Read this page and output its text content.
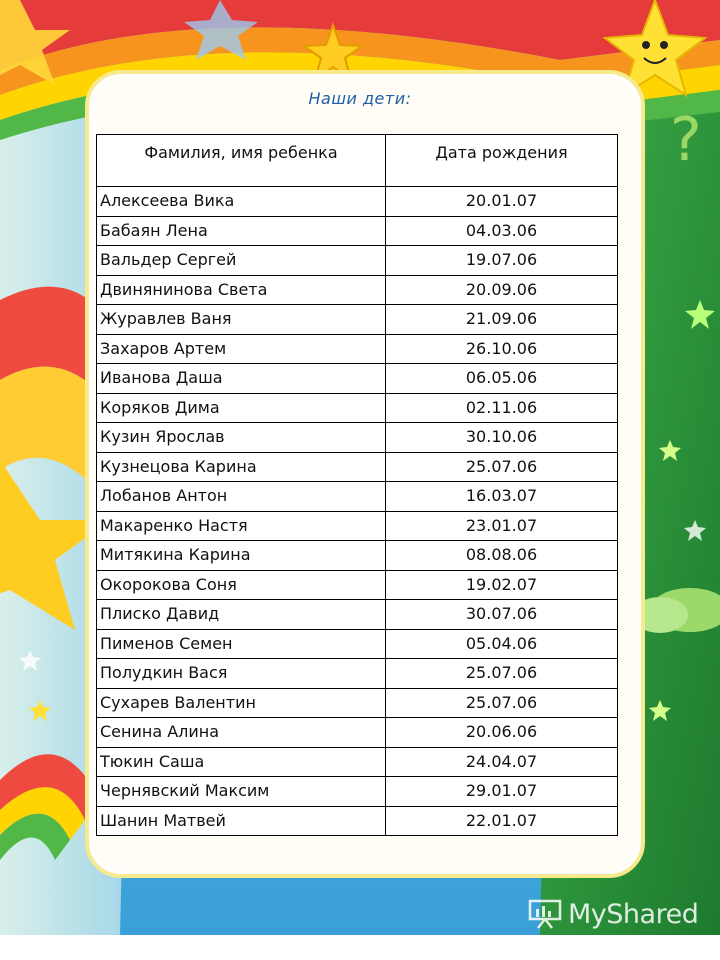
?
Наши дети:
Фамилия, имя ребенка	Дата рождения
Алексеева Вика	20.01.07
Бабаян Лена	04.03.06
Вальдер Сергей	19.07.06
Двинянинова Света	20.09.06
Журавлев Ваня	21.09.06
Захаров Артем	26.10.06
Иванова Даша	06.05.06
Коряков Дима	02.11.06
Кузин Ярослав	30.10.06
Кузнецова Карина	25.07.06
Лобанов Антон	16.03.07
Макаренко Настя	23.01.07
Митякина Карина	08.08.06
Окорокова Соня	19.02.07
Плиско Давид	30.07.06
Пименов Семен	05.04.06
Полудкин Вася	25.07.06
Сухарев Валентин	25.07.06
Сенина Алина	20.06.06
Тюкин Саша	24.04.07
Чернявский Максим	29.01.07
Шанин Матвей	22.01.07
MyShared
